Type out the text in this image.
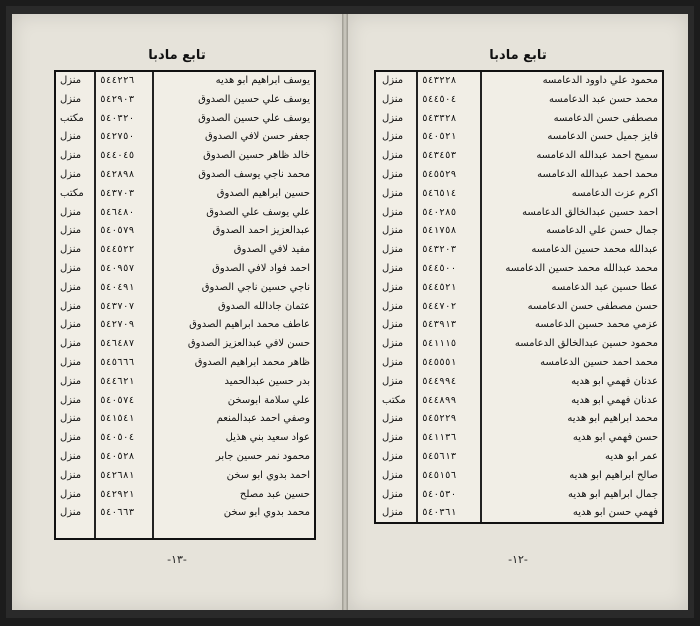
تابع مادبا
يوسف ابراهيم ابو هديه
٥٤٤٢٢٦
منزل
يوسف علي حسين الصدوق
٥٤٢٩٠٣
منزل
يوسف علي حسين الصدوق
٥٤٠٣٢٠
مكتب
جعفر حسن لافي الصدوق
٥٤٢٧٥٠
منزل
خالد ظاهر حسين الصدوق
٥٤٤٠٤٥
منزل
محمد ناجي يوسف الصدوق
٥٤٢٨٩٨
منزل
حسين ابراهيم الصدوق
٥٤٣٧٠٣
مكتب
علي يوسف علي الصدوق
٥٤٦٤٨٠
منزل
عبدالعزيز احمد الصدوق
٥٤٠٥٧٩
منزل
مفيد لافي الصدوق
٥٤٤٥٢٢
منزل
احمد فواد لافي الصدوق
٥٤٠٩٥٧
منزل
ناجي حسين ناجي الصدوق
٥٤٠٤٩١
منزل
عثمان جادالله الصدوق
٥٤٣٧٠٧
منزل
عاطف محمد ابراهيم الصدوق
٥٤٢٧٠٩
منزل
حسن لافي عبدالعزيز الصدوق
٥٤٦٤٨٧
منزل
ظاهر محمد ابراهيم الصدوق
٥٤٥٦٦٦
منزل
بدر حسين عبدالحميد
٥٤٤٦٢١
منزل
علي سلامة ابوسخن
٥٤٠٥٧٤
منزل
وصفي احمد عبدالمنعم
٥٤١٥٤١
منزل
عواد سعيد بني هذيل
٥٤٠٥٠٤
منزل
محمود نمر حسين جابر
٥٤٠٥٢٨
منزل
احمد بدوي ابو سخن
٥٤٢٦٨١
منزل
حسين عبد مصلح
٥٤٢٩٢١
منزل
محمد بدوي ابو سخن
٥٤٠٦٦٣
منزل
-١٣-
تابع مادبا
محمود علي داوود الدعامسه
٥٤٣٢٢٨
منزل
محمد حسن عبد الدعامسه
٥٤٤٥٠٤
منزل
مصطفى حسن الدعامسه
٥٤٣٣٢٨
منزل
فايز جميل حسن الدعامسه
٥٤٠٥٢١
منزل
سميح احمد عبدالله الدعامسه
٥٤٣٤٥٣
منزل
محمد احمد عبدالله الدعامسه
٥٤٥٥٢٩
منزل
اكرم عزت الدعامسه
٥٤٦٥١٤
منزل
احمد حسين عبدالخالق الدعامسه
٥٤٠٢٨٥
منزل
جمال حسن علي الدعامسه
٥٤١٧٥٨
منزل
عبدالله محمد حسين الدعامسه
٥٤٣٢٠٣
منزل
محمد عبدالله محمد حسين الدعامسه
٥٤٤٥٠٠
منزل
عطا حسين عبد الدعامسه
٥٤٤٥٢١
منزل
حسن مصطفى حسن الدعامسه
٥٤٤٧٠٢
منزل
عزمي محمد حسين الدعامسه
٥٤٣٩١٣
منزل
محمود حسين عبدالخالق الدعامسه
٥٤١١١٥
منزل
محمد احمد حسين الدعامسه
٥٤٥٥٥١
منزل
عدنان فهمي ابو هديه
٥٤٤٩٩٤
منزل
عدنان فهمي ابو هديه
٥٤٤٨٩٩
مكتب
محمد ابراهيم ابو هديه
٥٤٥٢٢٩
منزل
حسن فهمي ابو هديه
٥٤١١٣٦
منزل
عمر ابو هديه
٥٤٥٦١٣
منزل
صالح ابراهيم ابو هديه
٥٤٥١٥٦
منزل
جمال ابراهيم ابو هديه
٥٤٠٥٣٠
منزل
فهمي حسن ابو هديه
٥٤٠٣٦١
منزل
-١٢-
